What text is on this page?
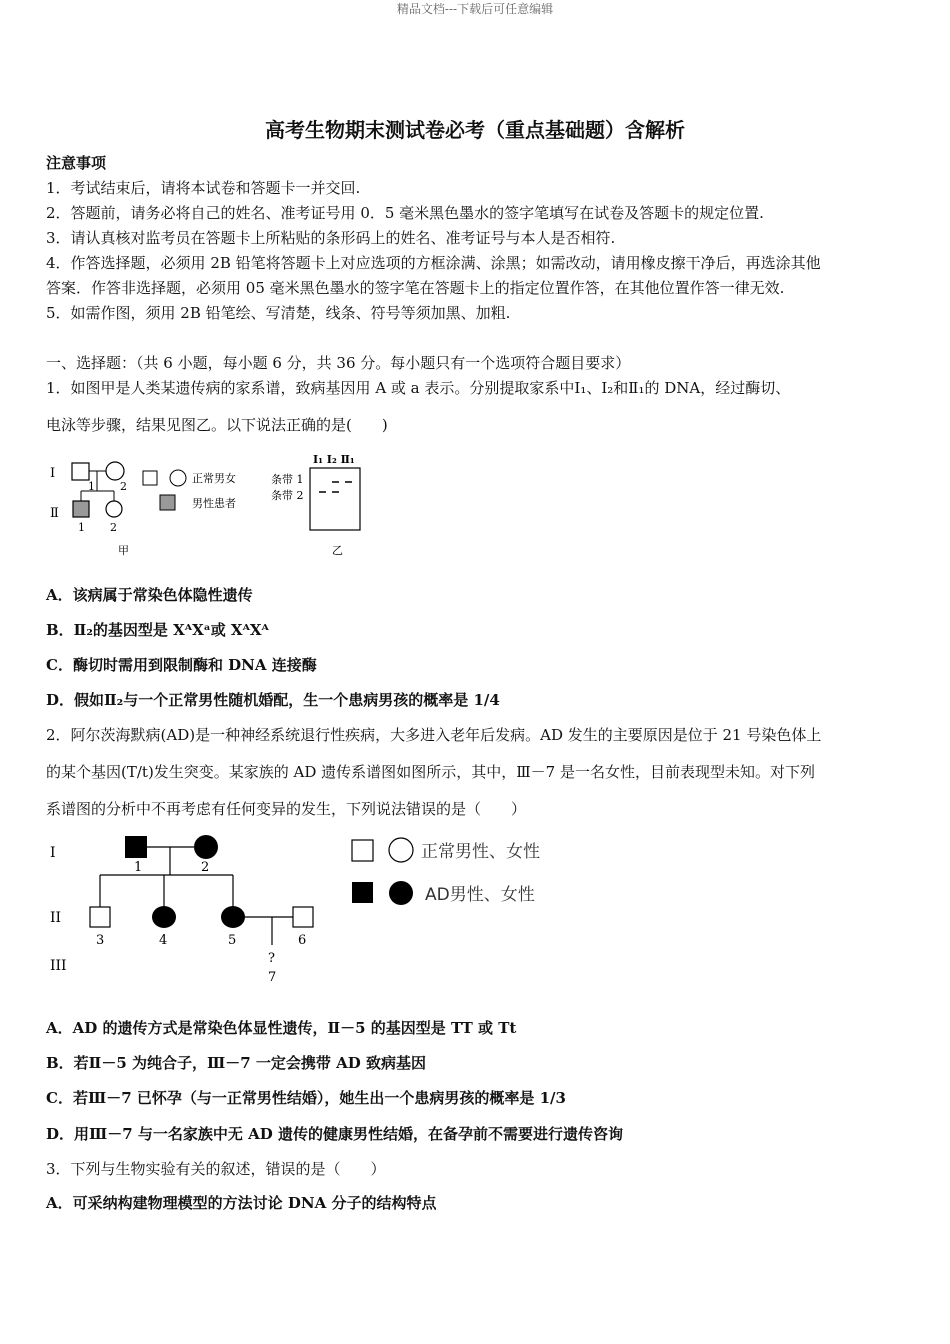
精品文档---下载后可任意编辑
高考生物期末测试卷必考（重点基础题）含解析
注意事项
1．考试结束后，请将本试卷和答题卡一并交回.
2．答题前，请务必将自己的姓名、准考证号用 0．5 毫米黑色墨水的签字笔填写在试卷及答题卡的规定位置.
3．请认真核对监考员在答题卡上所粘贴的条形码上的姓名、准考证号与本人是否相符.
4．作答选择题，必须用 2B 铅笔将答题卡上对应选项的方框涂满、涂黑；如需改动，请用橡皮擦干净后，再选涂其他
答案．作答非选择题，必须用 05 毫米黑色墨水的签字笔在答题卡上的指定位置作答，在其他位置作答一律无效.
5．如需作图，须用 2B 铅笔绘、写清楚，线条、符号等须加黑、加粗.
一、选择题：（共 6 小题，每小题 6 分，共 36 分。每小题只有一个选项符合题目要求）
1．如图甲是人类某遗传病的家系谱，致病基因用 A 或 a 表示。分别提取家系中Ⅰ₁、Ⅰ₂和Ⅱ₁的 DNA，经过酶切、
电泳等步骤，结果见图乙。以下说法正确的是(　　)
Ⅰ
Ⅱ
1 2
1 2
正常男女
男性患者
甲
Ⅰ₁ Ⅰ₂ Ⅱ₁
条带 1
条带 2
乙
A．该病属于常染色体隐性遗传
B．Ⅱ₂的基因型是 XᴬXᵃ或 XᴬXᴬ
C．酶切时需用到限制酶和 DNA 连接酶
D．假如Ⅱ₂与一个正常男性随机婚配，生一个患病男孩的概率是 1/4
2．阿尔茨海默病(AD)是一种神经系统退行性疾病，大多进入老年后发病。AD 发生的主要原因是位于 21 号染色体上
的某个基因(T/t)发生突变。某家族的 AD 遗传系谱图如图所示，其中，Ⅲ－7 是一名女性，目前表现型未知。对下列
系谱图的分析中不再考虑有任何变异的发生，下列说法错误的是（　　）
I
II
III
1	2
3	4	5	6
?
7
正常男性、女性
AD男性、女性
A．AD 的遗传方式是常染色体显性遗传，Ⅱ－5 的基因型是 TT 或 Tt
B．若Ⅱ－5 为纯合子，Ⅲ－7 一定会携带 AD 致病基因
C．若Ⅲ－7 已怀孕（与一正常男性结婚），她生出一个患病男孩的概率是 1/3
D．用Ⅲ－7 与一名家族中无 AD 遗传的健康男性结婚，在备孕前不需要进行遗传咨询
3．下列与生物实验有关的叙述，错误的是（　　）
A．可采纳构建物理模型的方法讨论 DNA 分子的结构特点
